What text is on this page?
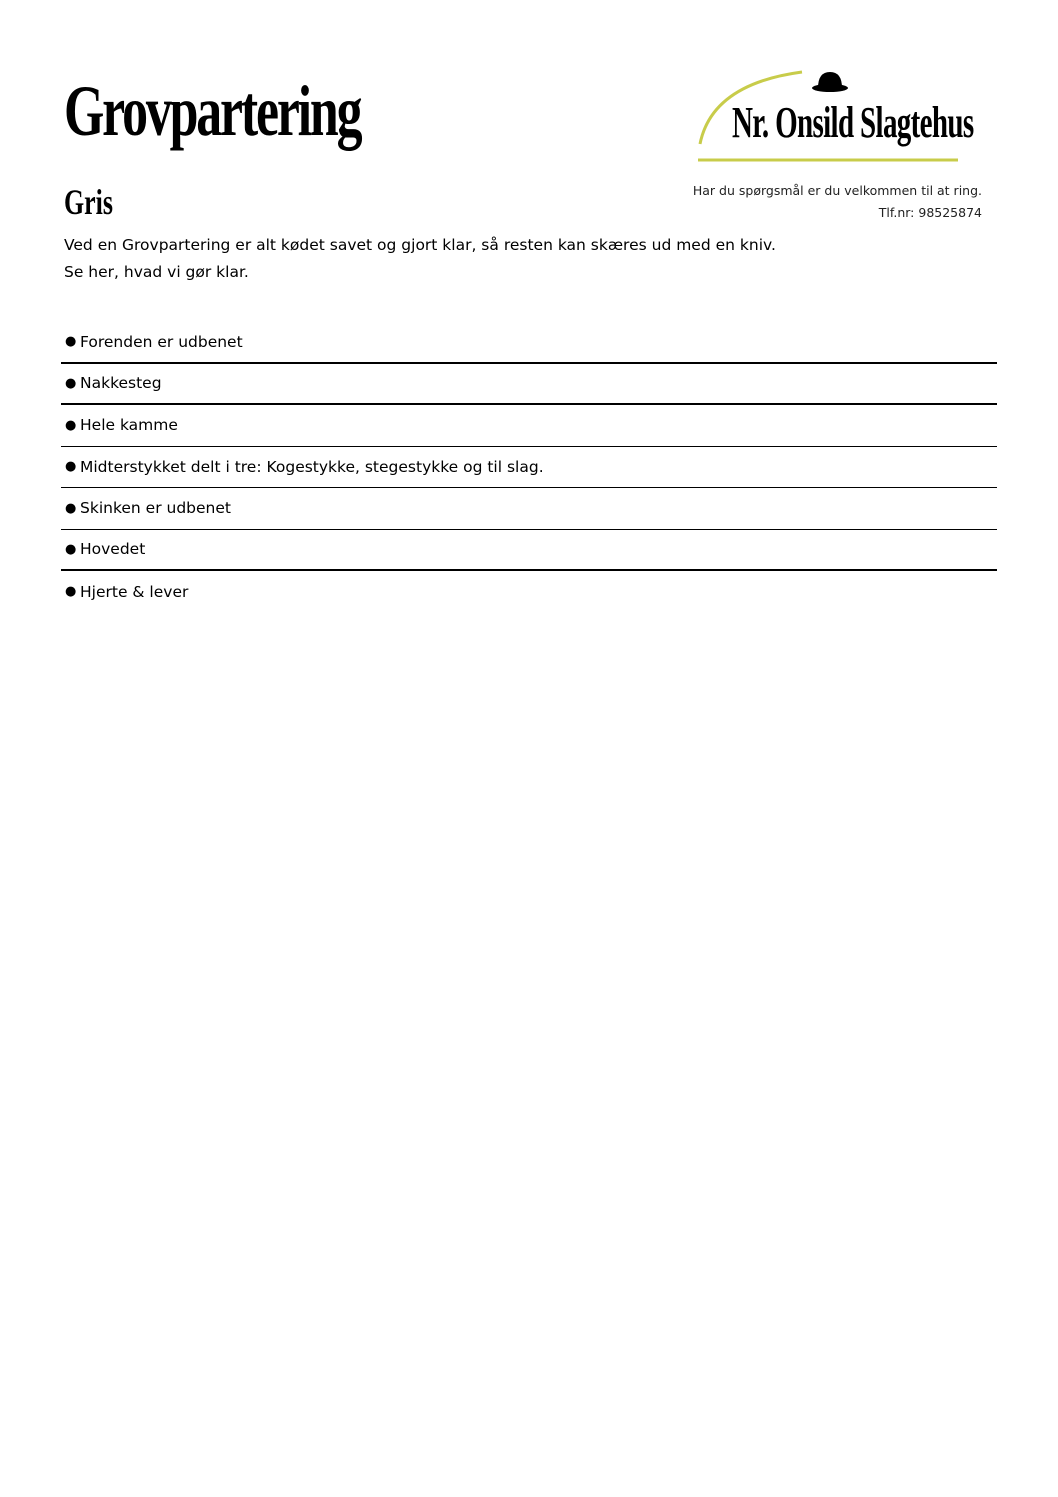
Grovpartering
Gris
Nr. Onsild Slagtehus
Har du spørgsmål er du velkommen til at ring.
Tlf.nr: 98525874
Ved en Grovpartering er alt kødet savet og gjort klar, så resten kan skæres ud med en kniv.
Se her, hvad vi gør klar.
● Forenden er udbenet
● Nakkesteg
● Hele kamme
● Midterstykket delt i tre: Kogestykke, stegestykke og til slag.
● Skinken er udbenet
● Hovedet
● Hjerte & lever
